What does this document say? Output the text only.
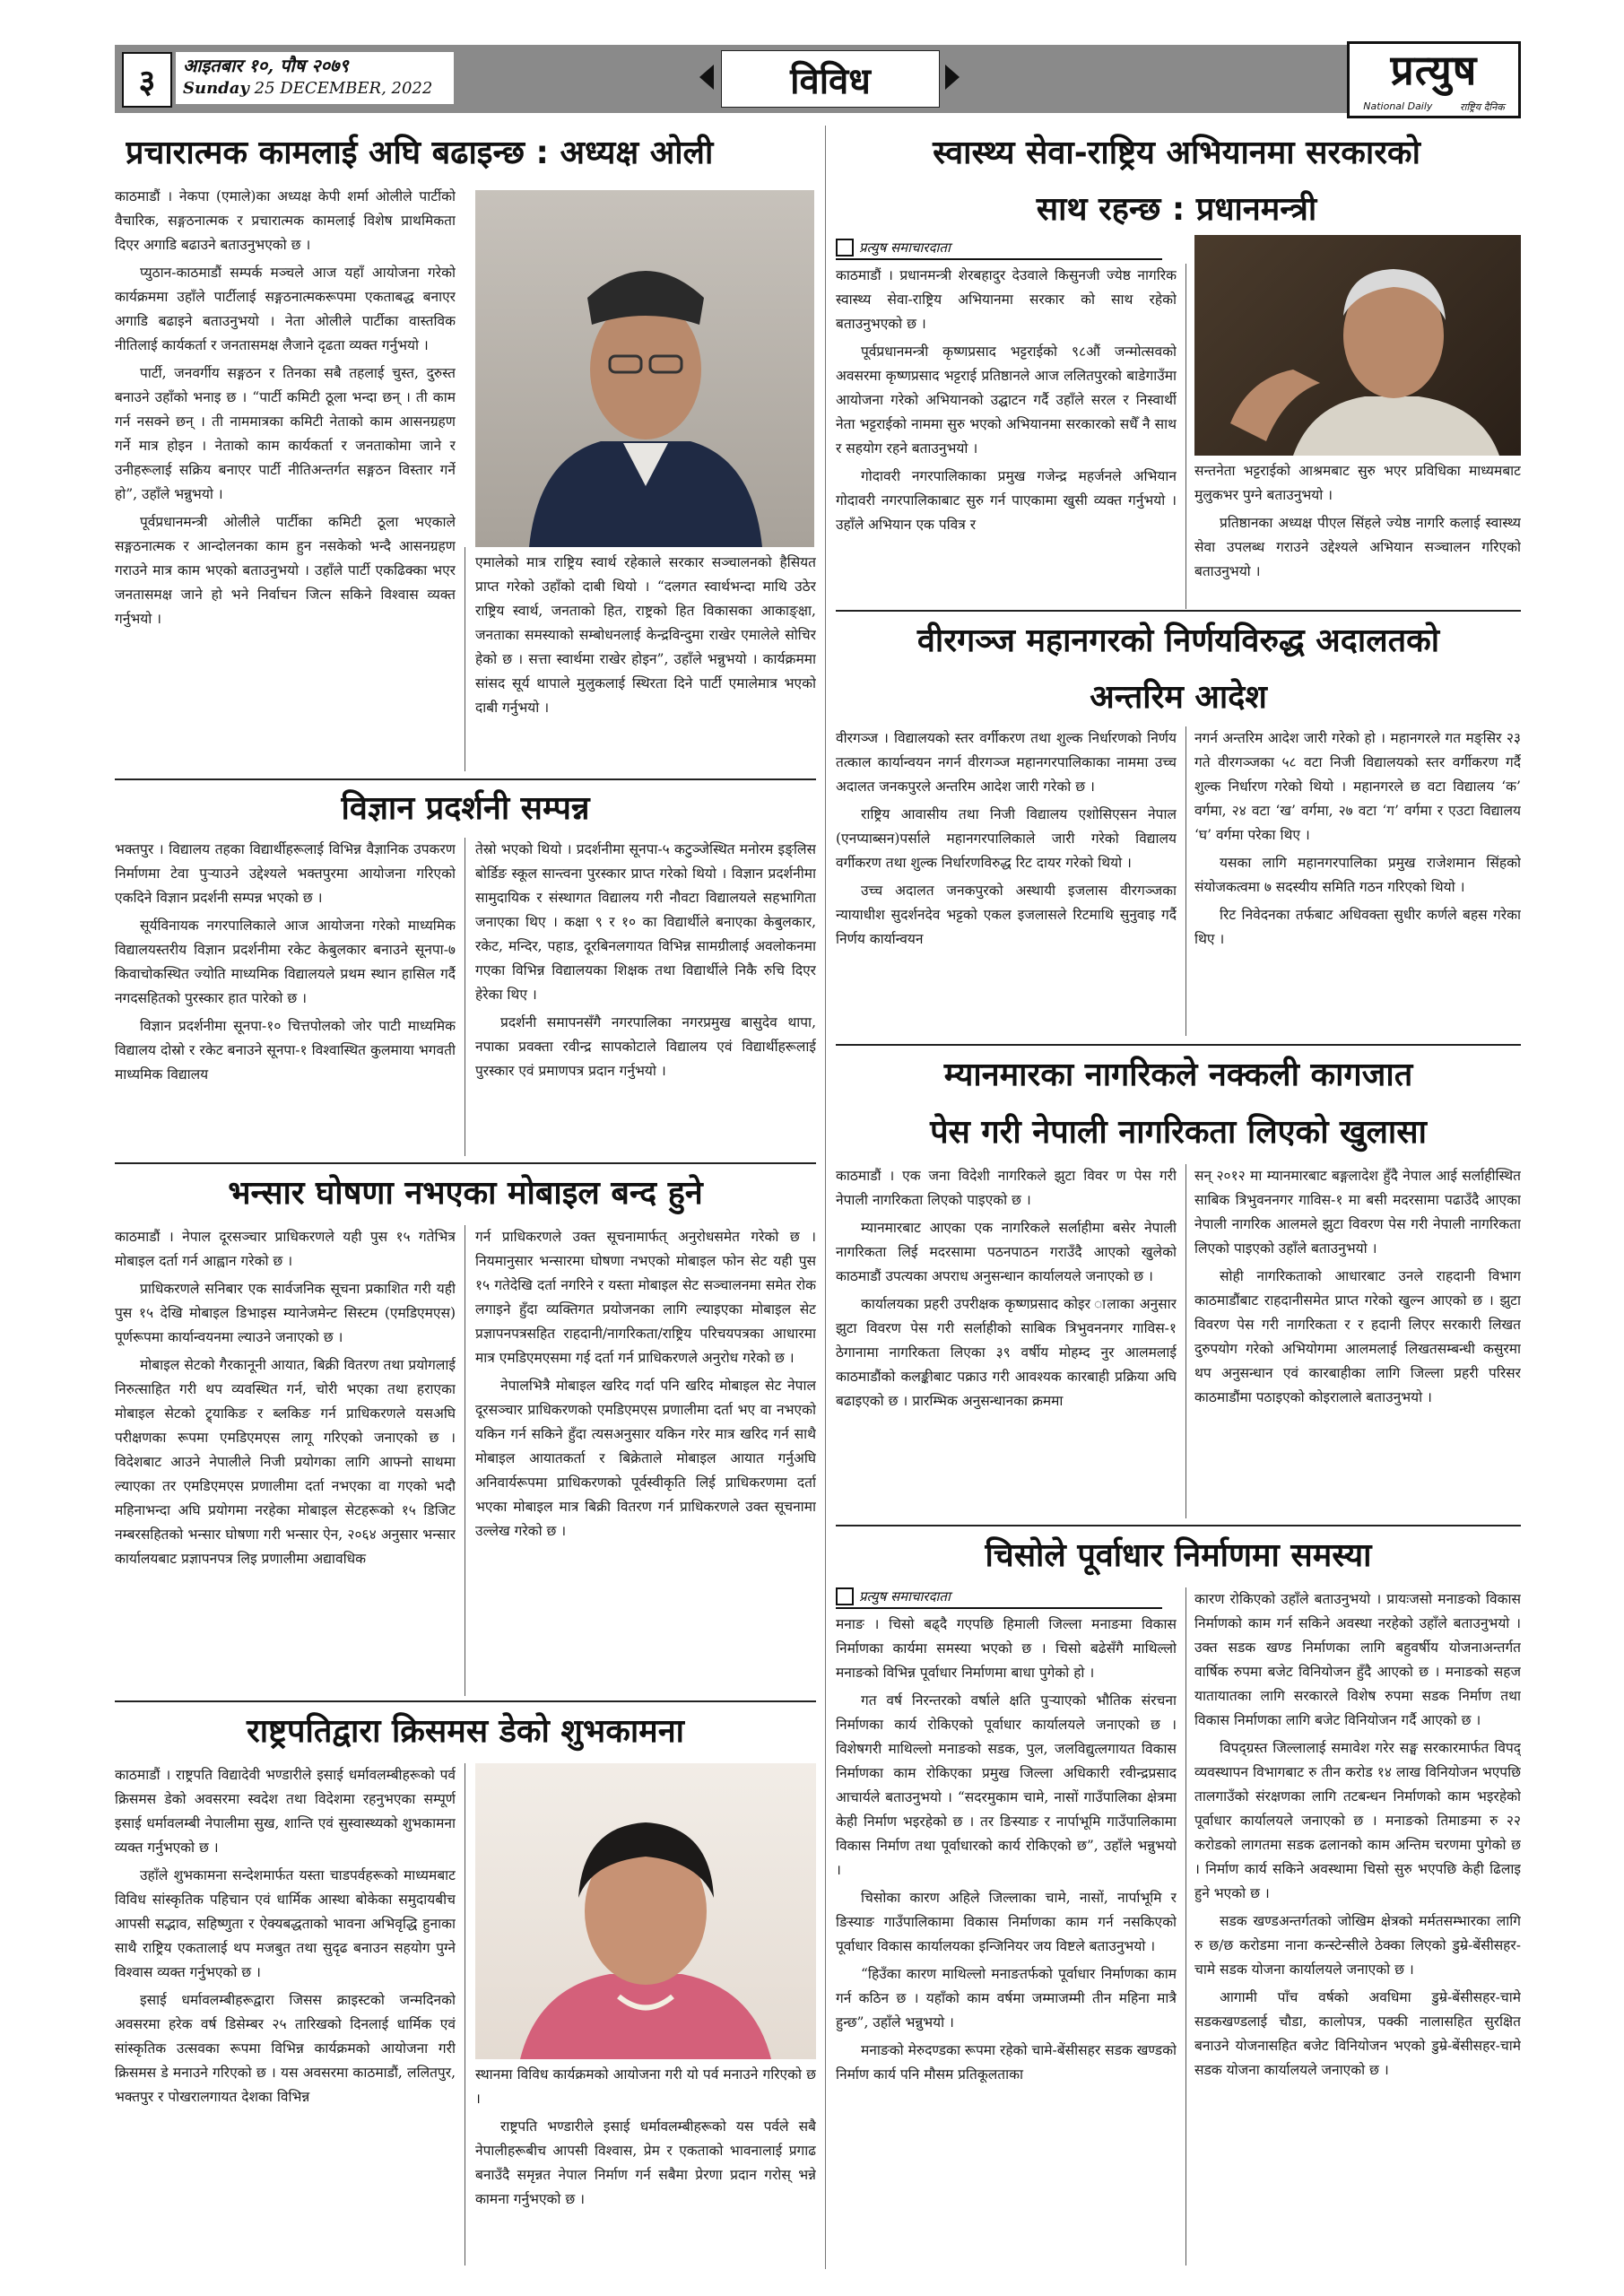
३ आइतबार १०, पौष २०७९
Sunday 25 DECEMBER, 2022	विविध	प्रत्युष
National Daily	राष्ट्रिय दैनिक
प्रचारात्मक कामलाई अघि बढाइन्छ : अध्यक्ष ओली

काठमाडौं । नेकपा (एमाले)का अध्यक्ष केपी शर्मा ओलीले पार्टीको वैचारिक, सङ्गठनात्मक र प्रचारात्मक कामलाई विशेष प्राथमिकता दिएर अगाडि बढाउने बताउनुभएको छ ।

प्युठान-काठमाडौं सम्पर्क मञ्चले आज यहाँ आयोजना गरेको कार्यक्रममा उहाँले पार्टीलाई सङ्गठनात्मकरूपमा एकताबद्ध बनाएर अगाडि बढाइने बताउनुभयो । नेता ओलीले पार्टीका वास्तविक नीतिलाई कार्यकर्ता र जनतासमक्ष लैजाने दृढता व्यक्त गर्नुभयो ।

पार्टी, जनवर्गीय सङ्गठन र तिनका सबै तहलाई चुस्त, दुरुस्त बनाउने उहाँको भनाइ छ । “पार्टी कमिटी ठूला भन्दा छन् । ती काम गर्न नसक्ने छन् । ती नाममात्रका कमिटी नेताको काम आसनग्रहण गर्ने मात्र होइन । नेताको काम कार्यकर्ता र जनताकोमा जाने र उनीहरूलाई सक्रिय बनाएर पार्टी नीतिअन्तर्गत सङ्गठन विस्तार गर्ने हो”, उहाँले भन्नुभयो ।

पूर्वप्रधानमन्त्री ओलीले पार्टीका कमिटी ठूला भएकाले सङ्गठनात्मक र आन्दोलनका काम हुन नसकेको भन्दै आसनग्रहण गराउने मात्र काम भएको बताउनुभयो । उहाँले पार्टी एकढिक्का भएर जनतासमक्ष जाने हो भने निर्वाचन जित्न सकिने विश्वास व्यक्त गर्नुभयो ।

एमालेको मात्र राष्ट्रिय स्वार्थ रहेकाले सरकार सञ्चालनको हैसियत प्राप्त गरेको उहाँको दाबी थियो । “दलगत स्वार्थभन्दा माथि उठेर राष्ट्रिय स्वार्थ, जनताको हित, राष्ट्रको हित विकासका आकाङ्क्षा, जनताका समस्याको सम्बोधनलाई केन्द्रविन्दुमा राखेर एमालेले सोचिर हेको छ । सत्ता स्वार्थमा राखेर होइन”, उहाँले भन्नुभयो । कार्यक्रममा सांसद सूर्य थापाले मुलुकलाई स्थिरता दिने पार्टी एमालेमात्र भएको दाबी गर्नुभयो ।

विज्ञान प्रदर्शनी सम्पन्न

भक्तपुर । विद्यालय तहका विद्यार्थीहरूलाई विभिन्न वैज्ञानिक उपकरण निर्माणमा टेवा पुऱ्याउने उद्देश्यले भक्तपुरमा आयोजना गरिएको एकदिने विज्ञान प्रदर्शनी सम्पन्न भएको छ ।

सूर्यविनायक नगरपालिकाले आज आयोजना गरेको माध्यमिक विद्यालयस्तरीय विज्ञान प्रदर्शनीमा रकेट केबुलकार बनाउने सूनपा-७ किवाचोकस्थित ज्योति माध्यमिक विद्यालयले प्रथम स्थान हासिल गर्दै नगदसहितको पुरस्कार हात पारेको छ ।

विज्ञान प्रदर्शनीमा सूनपा-१० चित्तपोलको जोर पाटी माध्यमिक विद्यालय दोस्रो र रकेट बनाउने सूनपा-१ विश्वास्थित कुलमाया भगवती माध्यमिक विद्यालय

तेस्रो भएको थियो । प्रदर्शनीमा सूनपा-५ कटुञ्जेस्थित मनोरम इङ्लिस बोर्डिङ स्कूल सान्त्वना पुरस्कार प्राप्त गरेको थियो । विज्ञान प्रदर्शनीमा सामुदायिक र संस्थागत विद्यालय गरी नौवटा विद्यालयले सहभागिता जनाएका थिए । कक्षा ९ र १० का विद्यार्थीले बनाएका केबुलकार, रकेट, मन्दिर, पहाड, दूरबिनलगायत विभिन्न सामग्रीलाई अवलोकनमा गएका विभिन्न विद्यालयका शिक्षक तथा विद्यार्थीले निकै रुचि दिएर हेरेका थिए ।

प्रदर्शनी समापनसँगै नगरपालिका नगरप्रमुख बासुदेव थापा, नपाका प्रवक्ता रवीन्द्र सापकोटाले विद्यालय एवं विद्यार्थीहरूलाई पुरस्कार एवं प्रमाणपत्र प्रदान गर्नुभयो ।

भन्सार घोषणा नभएका मोबाइल बन्द हुने

काठमाडौं । नेपाल दूरसञ्चार प्राधिकरणले यही पुस १५ गतेभित्र मोबाइल दर्ता गर्न आह्वान गरेको छ ।

प्राधिकरणले सनिबार एक सार्वजनिक सूचना प्रकाशित गरी यही पुस १५ देखि मोबाइल डिभाइस म्यानेजमेन्ट सिस्टम (एमडिएमएस) पूर्णरूपमा कार्यान्वयनमा ल्याउने जनाएको छ ।

मोबाइल सेटको गैरकानूनी आयात, बिक्री वितरण तथा प्रयोगलाई निरुत्साहित गरी थप व्यवस्थित गर्न, चोरी भएका तथा हराएका मोबाइल सेटको ट्र्याकिङ र ब्लकिङ गर्न प्राधिकरणले यसअघि परीक्षणका रूपमा एमडिएमएस लागू गरिएको जनाएको छ । विदेशबाट आउने नेपालीले निजी प्रयोगका लागि आफ्नो साथमा ल्याएका तर एमडिएमएस प्रणालीमा दर्ता नभएका वा गएको भदौ महिनाभन्दा अघि प्रयोगमा नरहेका मोबाइल सेटहरूको १५ डिजिट नम्बरसहितको भन्सार घोषणा गरी भन्सार ऐन, २०६४ अनुसार भन्सार कार्यालयबाट प्रज्ञापनपत्र लिइ प्रणालीमा अद्यावधिक

गर्न प्राधिकरणले उक्त सूचनामार्फत् अनुरोधसमेत गरेको छ । नियमानुसार भन्सारमा घोषणा नभएको मोबाइल फोन सेट यही पुस १५ गतेदेखि दर्ता नगरिने र यस्ता मोबाइल सेट सञ्चालनमा समेत रोक लगाइने हुँदा व्यक्तिगत प्रयोजनका लागि ल्याइएका मोबाइल सेट प्रज्ञापनपत्रसहित राहदानी/नागरिकता/राष्ट्रिय परिचयपत्रका आधारमा मात्र एमडिएमएसमा गई दर्ता गर्न प्राधिकरणले अनुरोध गरेको छ ।

नेपालभित्रै मोबाइल खरिद गर्दा पनि खरिद मोबाइल सेट नेपाल दूरसञ्चार प्राधिकरणको एमडिएमएस प्रणालीमा दर्ता भए वा नभएको यकिन गर्न सकिने हुँदा त्यसअनुसार यकिन गरेर मात्र खरिद गर्न साथै मोबाइल आयातकर्ता र बिक्रेताले मोबाइल आयात गर्नुअघि अनिवार्यरूपमा प्राधिकरणको पूर्वस्वीकृति लिई प्राधिकरणमा दर्ता भएका मोबाइल मात्र बिक्री वितरण गर्न प्राधिकरणले उक्त सूचनामा उल्लेख गरेको छ ।

राष्ट्रपतिद्वारा क्रिसमस डेको शुभकामना

काठमाडौं । राष्ट्रपति विद्यादेवी भण्डारीले इसाई धर्मावलम्बीहरूको पर्व क्रिसमस डेको अवसरमा स्वदेश तथा विदेशमा रहनुभएका सम्पूर्ण इसाई धर्मावलम्बी नेपालीमा सुख, शान्ति एवं सुस्वास्थ्यको शुभकामना व्यक्त गर्नुभएको छ ।

उहाँले शुभकामना सन्देशमार्फत यस्ता चाडपर्वहरूको माध्यमबाट विविध सांस्कृतिक पहिचान एवं धार्मिक आस्था बोकेका समुदायबीच आपसी सद्भाव, सहिष्णुता र ऐक्यबद्धताको भावना अभिवृद्धि हुनाका साथै राष्ट्रिय एकतालाई थप मजबुत तथा सुदृढ बनाउन सहयोग पुग्ने विश्वास व्यक्त गर्नुभएको छ ।

इसाई धर्मावलम्बीहरूद्वारा जिसस क्राइस्टको जन्मदिनको अवसरमा हरेक वर्ष डिसेम्बर २५ तारिखको दिनलाई धार्मिक एवं सांस्कृतिक उत्सवका रूपमा विभिन्न कार्यक्रमको आयोजना गरी क्रिसमस डे मनाउने गरिएको छ । यस अवसरमा काठमाडौं, ललितपुर, भक्तपुर र पोखरालगायत देशका विभिन्न

स्थानमा विविध कार्यक्रमको आयोजना गरी यो पर्व मनाउने गरिएको छ ।

राष्ट्रपति भण्डारीले इसाई धर्मावलम्बीहरूको यस पर्वले सबै नेपालीहरूबीच आपसी विश्वास, प्रेम र एकताको भावनालाई प्रगाढ बनाउँदै समृन्नत नेपाल निर्माण गर्न सबैमा प्रेरणा प्रदान गरोस् भन्ने कामना गर्नुभएको छ ।

स्वास्थ्य सेवा-राष्ट्रिय अभियानमा सरकारको
साथ रहन्छ : प्रधानमन्त्री
प्रत्युष समाचारदाता

काठमाडौं । प्रधानमन्त्री शेरबहादुर देउवाले किसुनजी ज्येष्ठ नागरिक स्वास्थ्य सेवा-राष्ट्रिय अभियानमा सरकार को साथ रहेको बताउनुभएको छ ।

पूर्वप्रधानमन्त्री कृष्णप्रसाद भट्टराईको ९८औं जन्मोत्सवको अवसरमा कृष्णप्रसाद भट्टराई प्रतिष्ठानले आज ललितपुरको बाडेगाउँमा आयोजना गरेको अभियानको उद्घाटन गर्दै उहाँले सरल र निस्वार्थी नेता भट्टराईको नाममा सुरु भएको अभियानमा सरकारको सधैँ नै साथ र सहयोग रहने बताउनुभयो ।

गोदावरी नगरपालिकाका प्रमुख गजेन्द्र महर्जनले अभियान गोदावरी नगरपालिकाबाट सुरु गर्न पाएकामा खुसी व्यक्त गर्नुभयो । उहाँले अभियान एक पवित्र र

सन्तनेता भट्टराईको आश्रमबाट सुरु भएर प्रविधिका माध्यमबाट मुलुकभर पुग्ने बताउनुभयो ।

प्रतिष्ठानका अध्यक्ष पीएल सिंहले ज्येष्ठ नागरि कलाई स्वास्थ्य सेवा उपलब्ध गराउने उद्देश्यले अभियान सञ्चालन गरिएको बताउनुभयो ।

वीरगञ्ज महानगरको निर्णयविरुद्ध अदालतको
अन्तरिम आदेश

वीरगञ्ज । विद्यालयको स्तर वर्गीकरण तथा शुल्क निर्धारणको निर्णय तत्काल कार्यान्वयन नगर्न वीरगञ्ज महानगरपालिकाका नाममा उच्च अदालत जनकपुरले अन्तरिम आदेश जारी गरेको छ ।

राष्ट्रिय आवासीय तथा निजी विद्यालय एशोसिएसन नेपाल (एनप्याब्सन)पर्साले महानगरपालिकाले जारी गरेको विद्यालय वर्गीकरण तथा शुल्क निर्धारणविरुद्ध रिट दायर गरेको थियो ।

उच्च अदालत जनकपुरको अस्थायी इजलास वीरगञ्जका न्यायाधीश सुदर्शनदेव भट्टको एकल इजलासले रिटमाथि सुनुवाइ गर्दै निर्णय कार्यान्वयन

नगर्न अन्तरिम आदेश जारी गरेको हो । महानगरले गत मङ्सिर २३ गते वीरगञ्जका ५८ वटा निजी विद्यालयको स्तर वर्गीकरण गर्दै शुल्क निर्धारण गरेको थियो । महानगरले छ वटा विद्यालय ‘क’ वर्गमा, २४ वटा ‘ख’ वर्गमा, २७ वटा ‘ग’ वर्गमा र एउटा विद्यालय ‘घ’ वर्गमा परेका थिए ।

यसका लागि महानगरपालिका प्रमुख राजेशमान सिंहको संयोजकत्वमा ७ सदस्यीय समिति गठन गरिएको थियो ।

रिट निवेदनका तर्फबाट अधिवक्ता सुधीर कर्णले बहस गरेका थिए ।

म्यानमारका नागरिकले नक्कली कागजात
पेस गरी नेपाली नागरिकता लिएको खुलासा

काठमाडौं । एक जना विदेशी नागरिकले झुटा विवर ण पेस गरी नेपाली नागरिकता लिएको पाइएको छ ।

म्यानमारबाट आएका एक नागरिकले सर्लाहीमा बसेर नेपाली नागरिकता लिई मदरसामा पठनपाठन गराउँदै आएको खुलेको काठमाडौं उपत्यका अपराध अनुसन्धान कार्यालयले जनाएको छ ।

कार्यालयका प्रहरी उपरीक्षक कृष्णप्रसाद कोइर ालाका अनुसार झुटा विवरण पेस गरी सर्लाहीको साबिक त्रिभुवननगर गाविस-१ ठेगानामा नागरिकता लिएका ३९ वर्षीय मोहम्द नुर आलमलाई काठमाडौंको कलङ्कीबाट पक्राउ गरी आवश्यक कारबाही प्रक्रिया अघि बढाइएको छ । प्रारम्भिक अनुसन्धानका क्रममा

सन् २०१२ मा म्यानमारबाट बङ्गलादेश हुँदै नेपाल आई सर्लाहीस्थित साबिक त्रिभुवननगर गाविस-१ मा बसी मदरसामा पढाउँदै आएका नेपाली नागरिक आलमले झुटा विवरण पेस गरी नेपाली नागरिकता लिएको पाइएको उहाँले बताउनुभयो ।

सोही नागरिकताको आधारबाट उनले राहदानी विभाग काठमाडौंबाट राहदानीसमेत प्राप्त गरेको खुल्न आएको छ । झुटा विवरण पेस गरी नागरिकता र र हदानी लिएर सरकारी लिखत दुरुपयोग गरेको अभियोगमा आलमलाई लिखतसम्बन्धी कसुरमा थप अनुसन्धान एवं कारबाहीका लागि जिल्ला प्रहरी परिसर काठमाडौंमा पठाइएको कोइरालाले बताउनुभयो ।

चिसोले पूर्वाधार निर्माणमा समस्या
प्रत्युष समाचारदाता

मनाङ । चिसो बढ्दै गएपछि हिमाली जिल्ला मनाङमा विकास निर्माणका कार्यमा समस्या भएको छ । चिसो बढेसँगै माथिल्लो मनाङको विभिन्न पूर्वाधार निर्माणमा बाधा पुगेको हो ।

गत वर्ष निरन्तरको वर्षाले क्षति पुऱ्याएको भौतिक संरचना निर्माणका कार्य रोकिएको पूर्वाधार कार्यालयले जनाएको छ । विशेषगरी माथिल्लो मनाङको सडक, पुल, जलविद्युत्लगायत विकास निर्माणका काम रोकिएका प्रमुख जिल्ला अधिकारी रवीन्द्रप्रसाद आचार्यले बताउनुभयो । “सदरमुकाम चामे, नासों गाउँपालिका क्षेत्रमा केही निर्माण भइरहेको छ । तर ङिस्याङ र नार्पाभूमि गाउँपालिकामा विकास निर्माण तथा पूर्वाधारको कार्य रोकिएको छ”, उहाँले भन्नुभयो ।

चिसोका कारण अहिले जिल्लाका चामे, नासों, नार्पाभूमि र ङिस्याङ गाउँपालिकामा विकास निर्माणका काम गर्न नसकिएको पूर्वाधार विकास कार्यालयका इन्जिनियर जय विष्टले बताउनुभयो ।

“हिउँका कारण माथिल्लो मनाङतर्फको पूर्वाधार निर्माणका काम गर्न कठिन छ । यहाँको काम वर्षमा जम्माजम्मी तीन महिना मात्रै हुन्छ”, उहाँले भन्नुभयो ।

मनाङको मेरुदण्डका रूपमा रहेको चामे-बेंसीसहर सडक खण्डको निर्माण कार्य पनि मौसम प्रतिकूलताका

कारण रोकिएको उहाँले बताउनुभयो । प्रायःजसो मनाङको विकास निर्माणको काम गर्न सकिने अवस्था नरहेको उहाँले बताउनुभयो । उक्त सडक खण्ड निर्माणका लागि बहुवर्षीय योजनाअन्तर्गत वार्षिक रुपमा बजेट विनियोजन हुँदै आएको छ । मनाङको सहज यातायातका लागि सरकारले विशेष रुपमा सडक निर्माण तथा विकास निर्माणका लागि बजेट विनियोजन गर्दै आएको छ ।

विपद्ग्रस्त जिल्लालाई समावेश गरेर सङ्घ सरकारमार्फत विपद् व्यवस्थापन विभागबाट रु तीन करोड १४ लाख विनियोजन भएपछि तालगाउँको संरक्षणका लागि तटबन्धन निर्माणको काम भइरहेको पूर्वाधार कार्यालयले जनाएको छ । मनाङको तिमाङमा रु २२ करोडको लागतमा सडक ढलानको काम अन्तिम चरणमा पुगेको छ । निर्माण कार्य सकिने अवस्थामा चिसो सुरु भएपछि केही ढिलाइ हुने भएको छ ।

सडक खण्डअन्तर्गतको जोखिम क्षेत्रको मर्मतसम्भारका लागि रु छ/छ करोडमा नाना कन्स्टेन्सीले ठेक्का लिएको डुम्रे-बेंसीसहर-चामे सडक योजना कार्यालयले जनाएको छ ।

आगामी पाँच वर्षको अवधिमा डुम्रे-बेंसीसहर-चामे सडकखण्डलाई चौडा, कालोपत्र, पक्की नालासहित सुरक्षित बनाउने योजनासहित बजेट विनियोजन भएको डुम्रे-बेंसीसहर-चामे सडक योजना कार्यालयले जनाएको छ ।
